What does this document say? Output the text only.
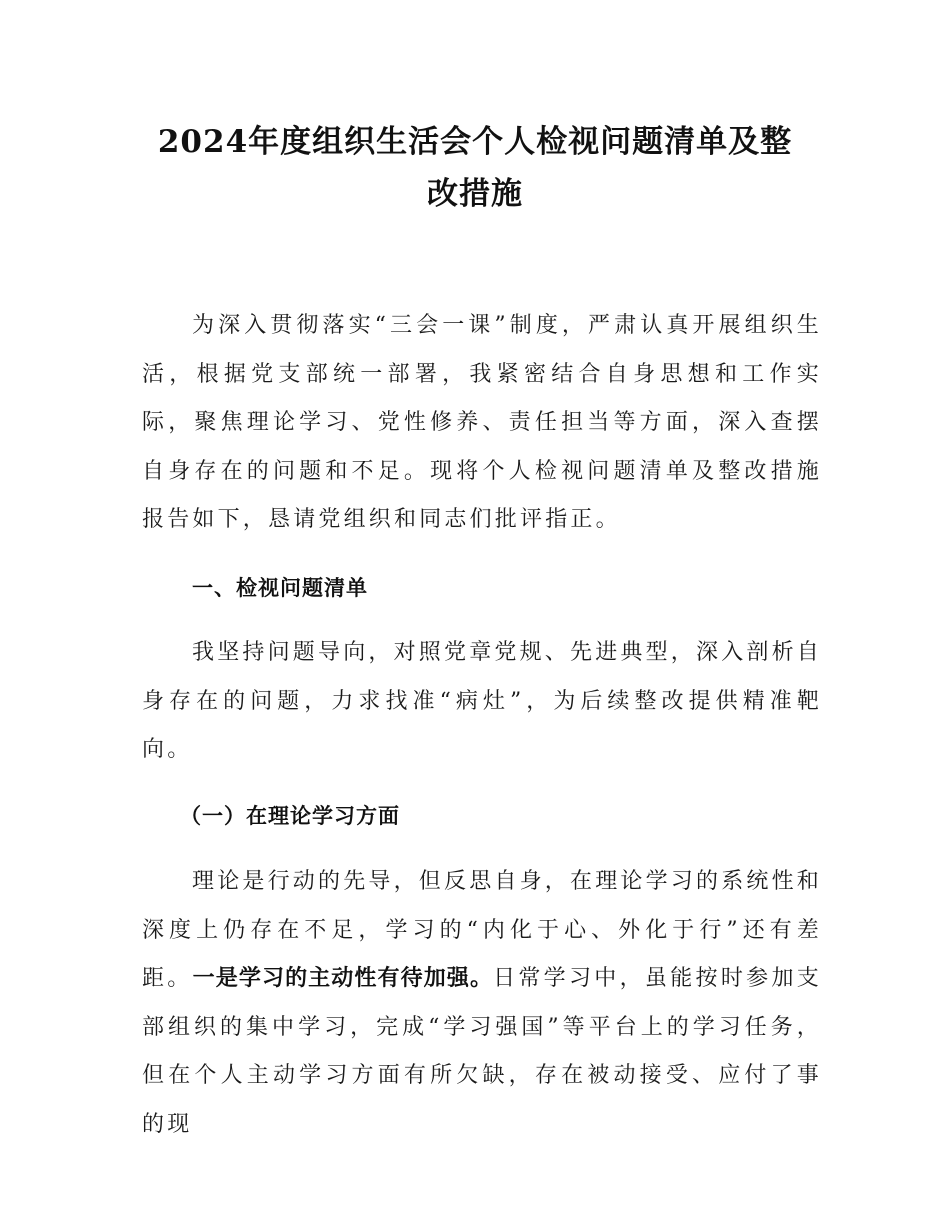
2024年度组织生活会个人检视问题清单及整
改措施

为深入贯彻落实“三会一课”制度，严肃认真开展组织生活，根据党支部统一部署，我紧密结合自身思想和工作实际，聚焦理论学习、党性修养、责任担当等方面，深入查摆自身存在的问题和不足。现将个人检视问题清单及整改措施报告如下，恳请党组织和同志们批评指正。

一、检视问题清单

我坚持问题导向，对照党章党规、先进典型，深入剖析自身存在的问题，力求找准“病灶”，为后续整改提供精准靶向。

（一）在理论学习方面

理论是行动的先导，但反思自身，在理论学习的系统性和深度上仍存在不足，学习的“内化于心、外化于行”还有差距。一是学习的主动性有待加强。日常学习中，虽能按时参加支部组织的集中学习，完成“学习强国”等平台上的学习任务，但在个人主动学习方面有所欠缺，存在被动接受、应付了事的现
